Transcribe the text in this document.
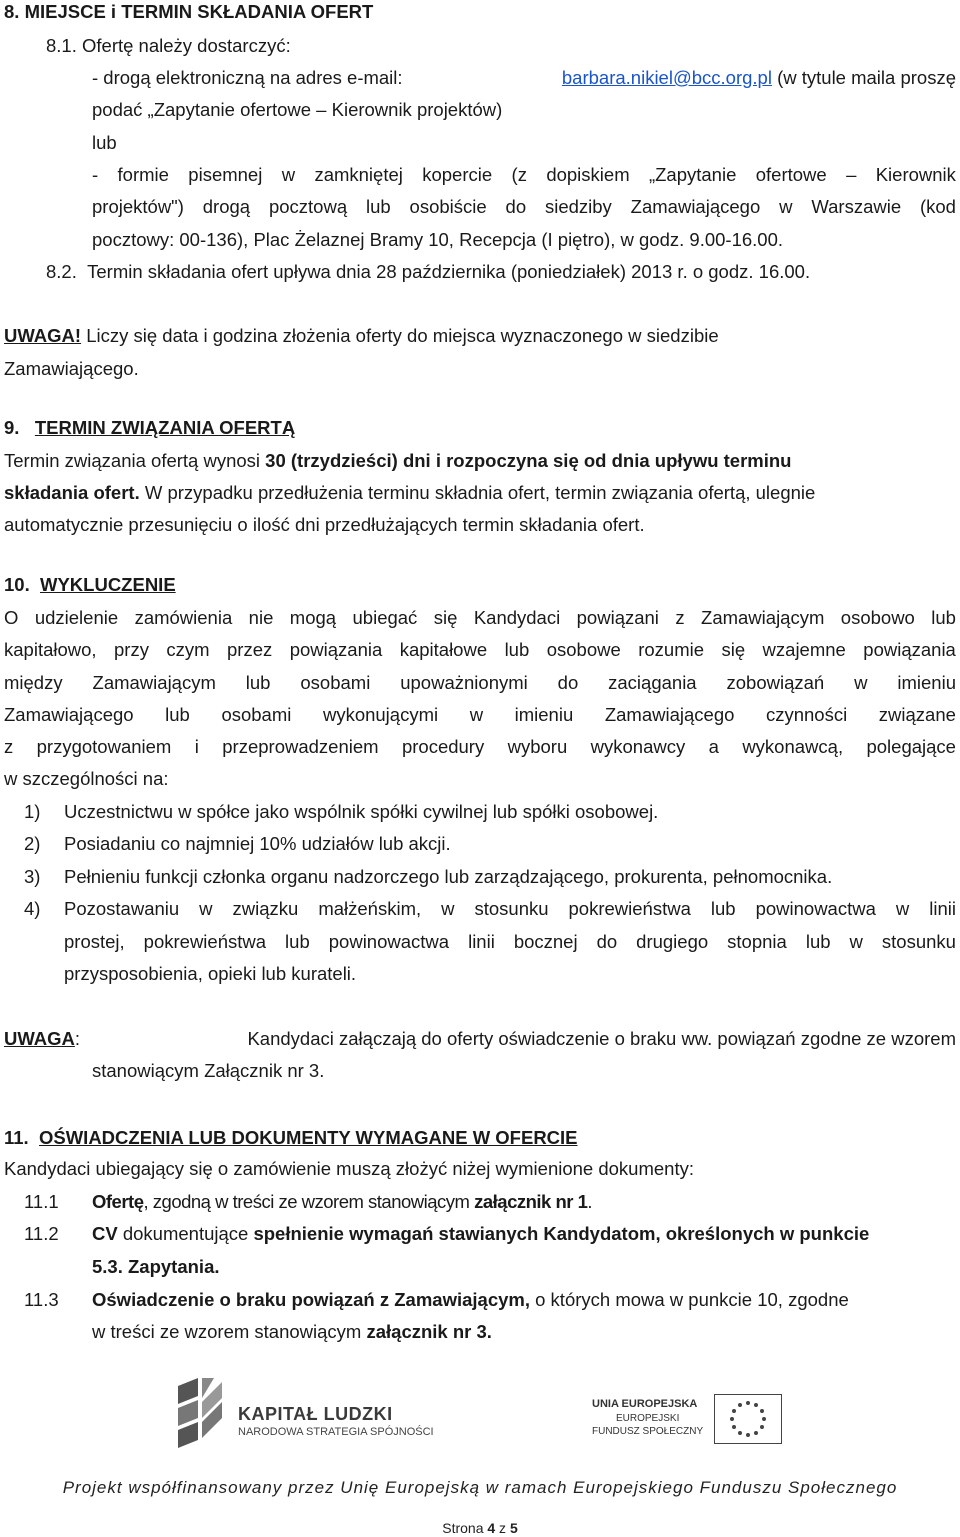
8. MIEJSCE i TERMIN SKŁADANIA OFERT
8.1. Ofertę należy dostarczyć:
- drogą elektroniczną na adres e-mail:	barbara.nikiel@bcc.org.pl (w tytule maila proszę
podać „Zapytanie ofertowe – Kierownik projektów)
lub
- formie pisemnej w zamkniętej kopercie (z dopiskiem „Zapytanie ofertowe – Kierownik
projektów") drogą pocztową lub osobiście do siedziby Zamawiającego w Warszawie (kod
pocztowy: 00-136), Plac Żelaznej Bramy 10, Recepcja (I piętro), w godz. 9.00-16.00.
8.2. Termin składania ofert upływa dnia 28 października (poniedziałek) 2013 r. o godz. 16.00.
UWAGA! Liczy się data i godzina złożenia oferty do miejsca wyznaczonego w siedzibie
Zamawiającego.
9. TERMIN ZWIĄZANIA OFERTĄ
Termin związania ofertą wynosi 30 (trzydzieści) dni i rozpoczyna się od dnia upływu terminu
składania ofert. W przypadku przedłużenia terminu składnia ofert, termin związania ofertą, ulegnie
automatycznie przesunięciu o ilość dni przedłużających termin składania ofert.
10. WYKLUCZENIE
O udzielenie zamówienia nie mogą ubiegać się Kandydaci powiązani z Zamawiającym osobowo lub
kapitałowo, przy czym przez powiązania kapitałowe lub osobowe rozumie się wzajemne powiązania
między Zamawiającym lub osobami upoważnionymi do zaciągania zobowiązań w imieniu
Zamawiającego lub osobami wykonującymi w imieniu Zamawiającego czynności związane
z przygotowaniem i przeprowadzeniem procedury wyboru wykonawcy a wykonawcą, polegające
w szczególności na:
1) Uczestnictwu w spółce jako wspólnik spółki cywilnej lub spółki osobowej.
2) Posiadaniu co najmniej 10% udziałów lub akcji.
3) Pełnieniu funkcji członka organu nadzorczego lub zarządzającego, prokurenta, pełnomocnika.
4) Pozostawaniu w związku małżeńskim, w stosunku pokrewieństwa lub powinowactwa w linii
prostej, pokrewieństwa lub powinowactwa linii bocznej do drugiego stopnia lub w stosunku
przysposobienia, opieki lub kurateli.
UWAGA:	Kandydaci załączają do oferty oświadczenie o braku ww. powiązań zgodne ze wzorem
stanowiącym Załącznik nr 3.
11. OŚWIADCZENIA LUB DOKUMENTY WYMAGANE W OFERCIE
Kandydaci ubiegający się o zamówienie muszą złożyć niżej wymienione dokumenty:
11.1 Ofertę, zgodną w treści ze wzorem stanowiącym załącznik nr 1.
11.2 CV dokumentujące spełnienie wymagań stawianych Kandydatom, określonych w punkcie
5.3. Zapytania.
11.3 Oświadczenie o braku powiązań z Zamawiającym, o których mowa w punkcie 10, zgodne
w treści ze wzorem stanowiącym załącznik nr 3.
KAPITAŁ LUDZKI
NARODOWA STRATEGIA SPÓJNOŚCI
UNIA EUROPEJSKA
EUROPEJSKI
FUNDUSZ SPOŁECZNY
Projekt współfinansowany przez Unię Europejską w ramach Europejskiego Funduszu Społecznego
Strona 4 z 5
